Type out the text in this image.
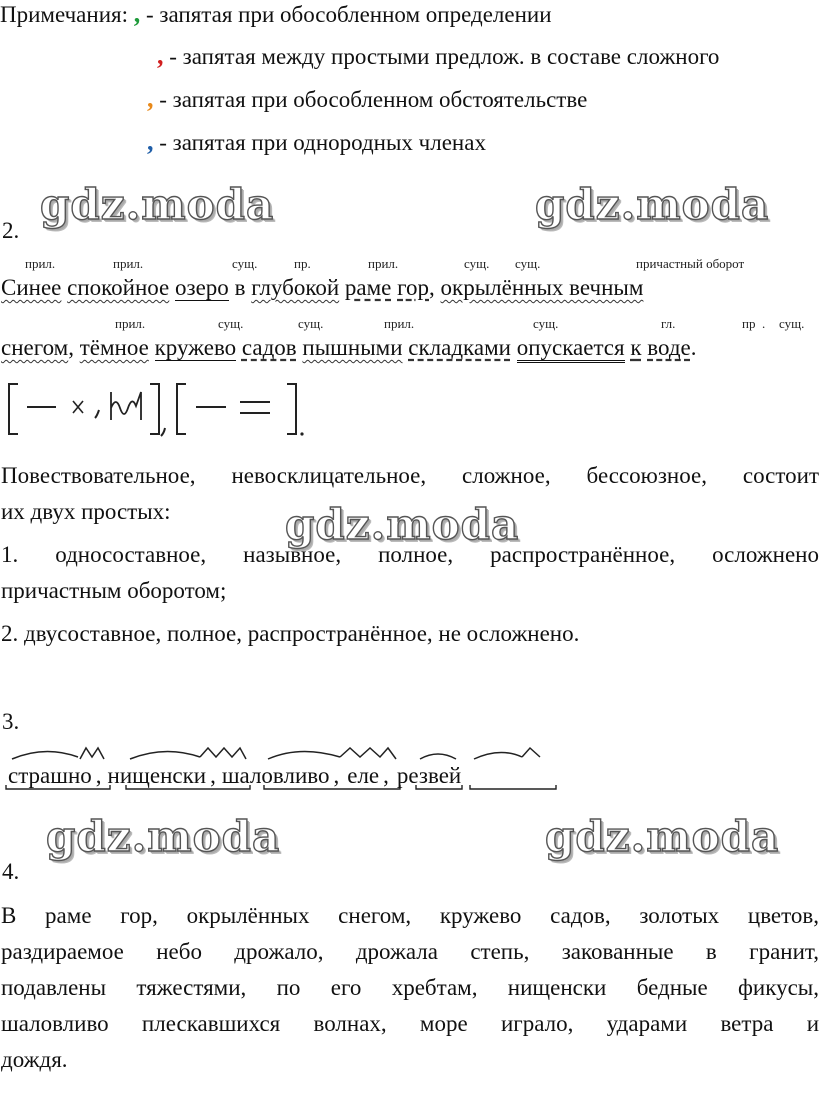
Примечания: , - запятая при обособленном определении
, - запятая между простыми предлож. в составе сложного
, - запятая при обособленном обстоятельстве
, - запятая при однородных членах
2.
gdz.moda	gdz.moda
прил.	прил.	сущ.	пр.	прил.	сущ. сущ.	причастный оборот
Синее спокойное озеро в глубокой раме гор, окрылённых вечным
прил.	сущ.	сущ.	прил.	сущ.	гл.	пр . сущ.
снегом, тёмное кружево садов пышными складками опускается к воде.
Повествовательное, невосклицательное, сложное, бессоюзное, состоит
их двух простых:	gdz.moda
1. односоставное, назывное, полное, распространённое, осложнено
причастным оборотом;
2. двусоставное, полное, распространённое, не осложнено.
3.
страшно , нищенски , шаловливо , еле , резвей
gdz.moda	gdz.moda
4.
В раме гор, окрылённых снегом, кружево садов, золотых цветов,
раздираемое небо дрожало, дрожала степь, закованные в гранит,
подавлены тяжестями, по его хребтам, нищенски бедные фикусы,
шаловливо плескавшихся волнах, море играло, ударами ветра и
дождя.
